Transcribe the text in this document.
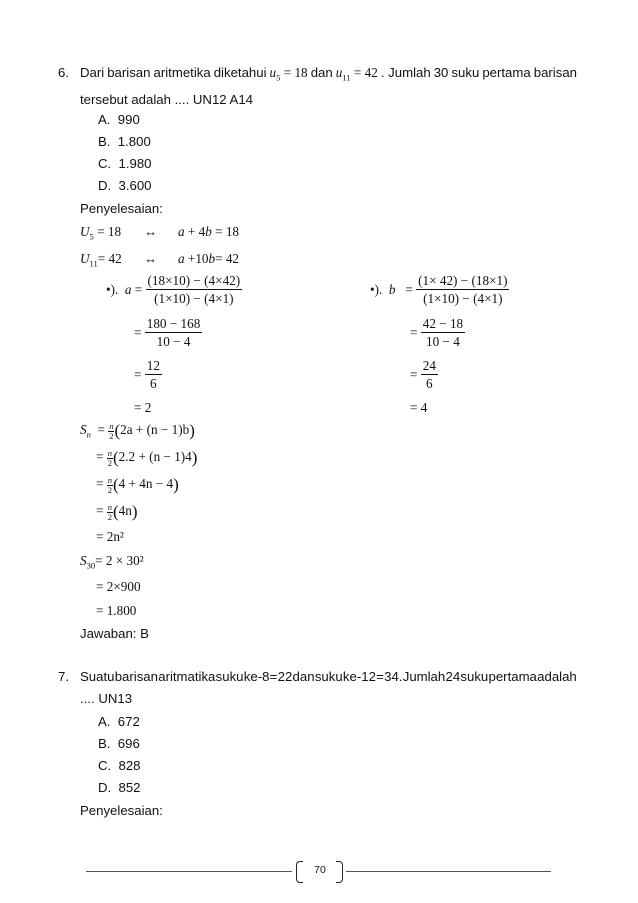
6. Dari barisan aritmetika diketahui $u_5 = 18$ dan $u_{11} = 42$ . Jumlah 30 suku pertama barisan
tersebut adalah .... UN12 A14
A. 990
B. 1.800
C. 1.980
D. 3.600
Penyelesaian:
$U_5 = 18$ ↔ a + 4b = 18
$U_{11}= 42$ ↔ a +10b= 42
•).  $a = \frac{(18\times 10) - (4\times 42)}{(1\times 10) - (4\times 1)}$
= $\frac{180 - 168}{10 - 4}$
= $\frac{12}{6}$
= 2
•).  $b = \frac{(1\times 42) - (18\times 1)}{(1\times 10) - (4\times 1)}$
= $\frac{42 - 18}{10 - 4}$
= $\frac{24}{6}$
= 4
$S_n = \frac{n}{2} (2a + (n - 1)b)$
= $\frac{n}{2} (2.2 + (n - 1)4)$
= $\frac{n}{2} (4 + 4n - 4)$
= $\frac{n}{2} (4n)$
= 2n²
$S_{30}= 2 \times 30^2$
= 2×900
= 1.800
Jawaban: B
7. Suatu barisan aritmatika suku ke-8 = 22 dan suku ke-12 = 34. Jumlah 24 suku pertama adalah
.... UN13
A. 672
B. 696
C. 828
D. 852
Penyelesaian:
70
